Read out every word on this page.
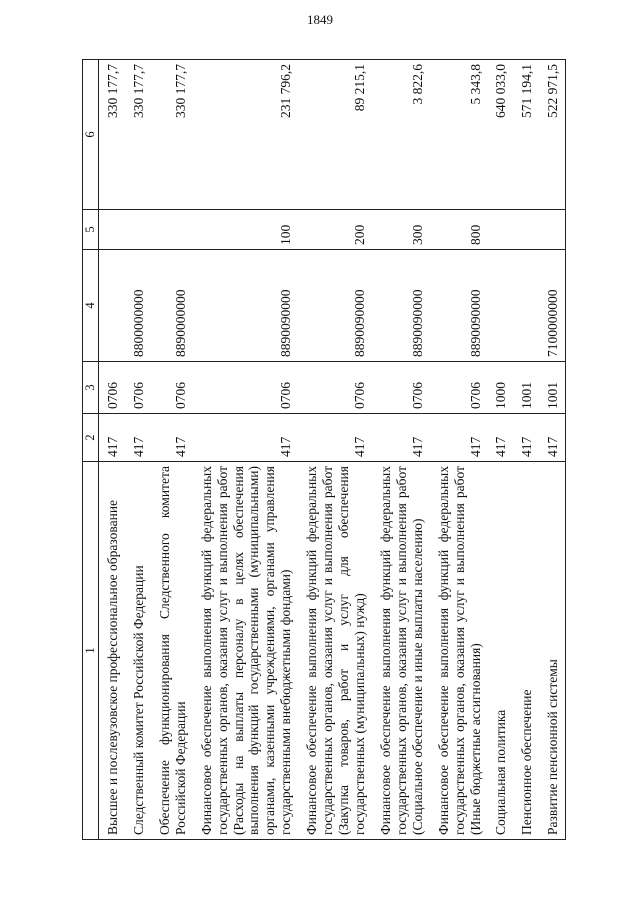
1849
1	2	3	4	5	6
Высшее и послевузовское профессиональное образование	417	0706			330 177,7
Следственный комитет Российской Федерации	417	0706	8800000000		330 177,7
Обеспечение функционирования Следственного комитета Российской Федерации	417	0706	8890000000		330 177,7
Финансовое обеспечение выполнения функций федеральных государственных органов, оказания услуг и выполнения работ (Расходы на выплаты персоналу в целях обеспечения выполнения функций государственными (муниципальными) органами, казенными учреждениями, органами управления государственными внебюджетными фондами)	417	0706	8890090000	100	231 796,2
Финансовое обеспечение выполнения функций федеральных государственных органов, оказания услуг и выполнения работ (Закупка товаров, работ и услуг для обеспечения государственных (муниципальных) нужд)	417	0706	8890090000	200	89 215,1
Финансовое обеспечение выполнения функций федеральных государственных органов, оказания услуг и выполнения работ (Социальное обеспечение и иные выплаты населению)	417	0706	8890090000	300	3 822,6
Финансовое обеспечение выполнения функций федеральных государственных органов, оказания услуг и выполнения работ (Иные бюджетные ассигнования)	417	0706	8890090000	800	5 343,8
Социальная политика	417	1000			640 033,0
Пенсионное обеспечение	417	1001			571 194,1
Развитие пенсионной системы	417	1001	7100000000		522 971,5
